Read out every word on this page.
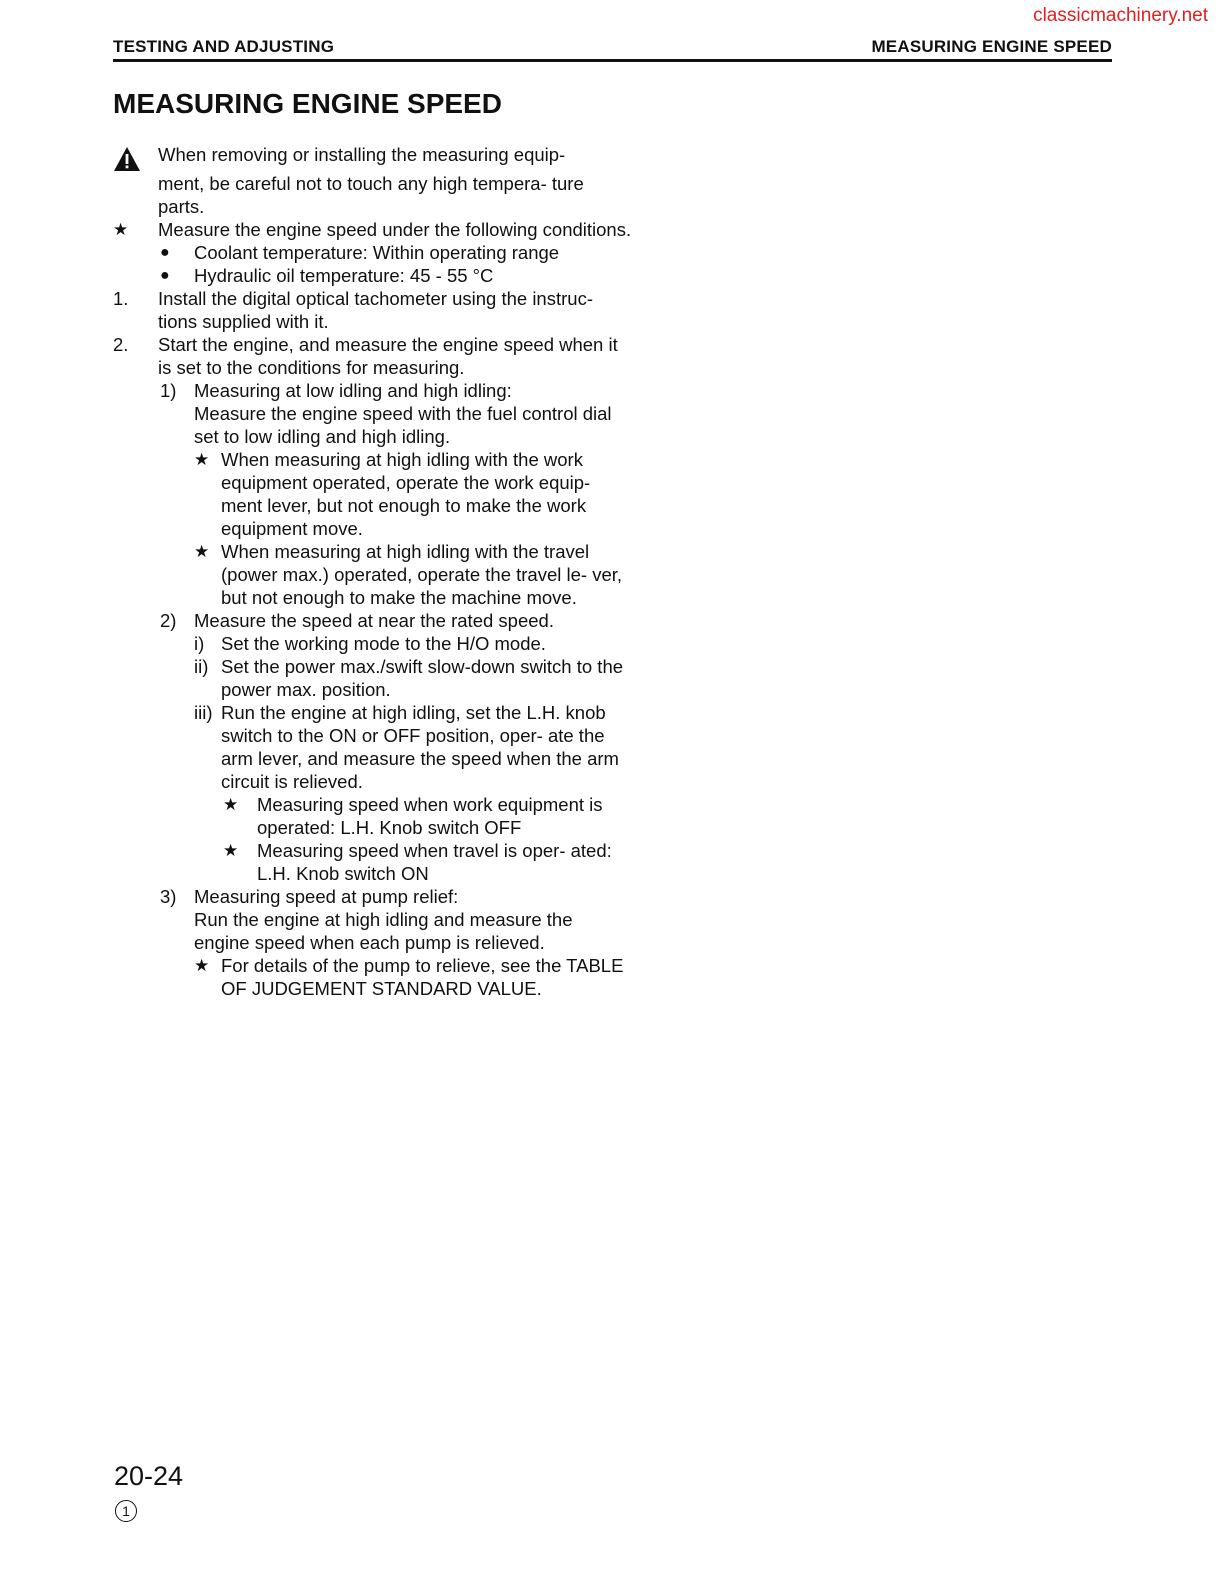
classicmachinery.net
TESTING AND ADJUSTING	MEASURING ENGINE SPEED
MEASURING ENGINE SPEED
When removing or installing the measuring equip-
ment, be careful not to touch any high tempera- ture parts.
★	Measure the engine speed under the following conditions.
●	Coolant temperature: Within operating range
●	Hydraulic oil temperature: 45 - 55 °C
1.	Install the digital optical tachometer using the instruc- tions supplied with it.
2.	Start the engine, and measure the engine speed when it is set to the conditions for measuring.
1) Measuring at low idling and high idling:
Measure the engine speed with the fuel control dial set to low idling and high idling.
★ When measuring at high idling with the work equipment operated, operate the work equip- ment lever, but not enough to make the work equipment move.
★ When measuring at high idling with the travel (power max.) operated, operate the travel le- ver, but not enough to make the machine move.
2) Measure the speed at near the rated speed.
i) Set the working mode to the H/O mode.
ii) Set the power max./swift slow-down switch to the power max. position.
iii) Run the engine at high idling, set the L.H. knob switch to the ON or OFF position, oper- ate the arm lever, and measure the speed when the arm circuit is relieved.
★	Measuring speed when work equipment is operated: L.H. Knob switch OFF
★	Measuring speed when travel is oper- ated: L.H. Knob switch ON
3) Measuring speed at pump relief:
Run the engine at high idling and measure the engine speed when each pump is relieved.
★ For details of the pump to relieve, see the TABLE OF JUDGEMENT STANDARD VALUE.
20-24
1
